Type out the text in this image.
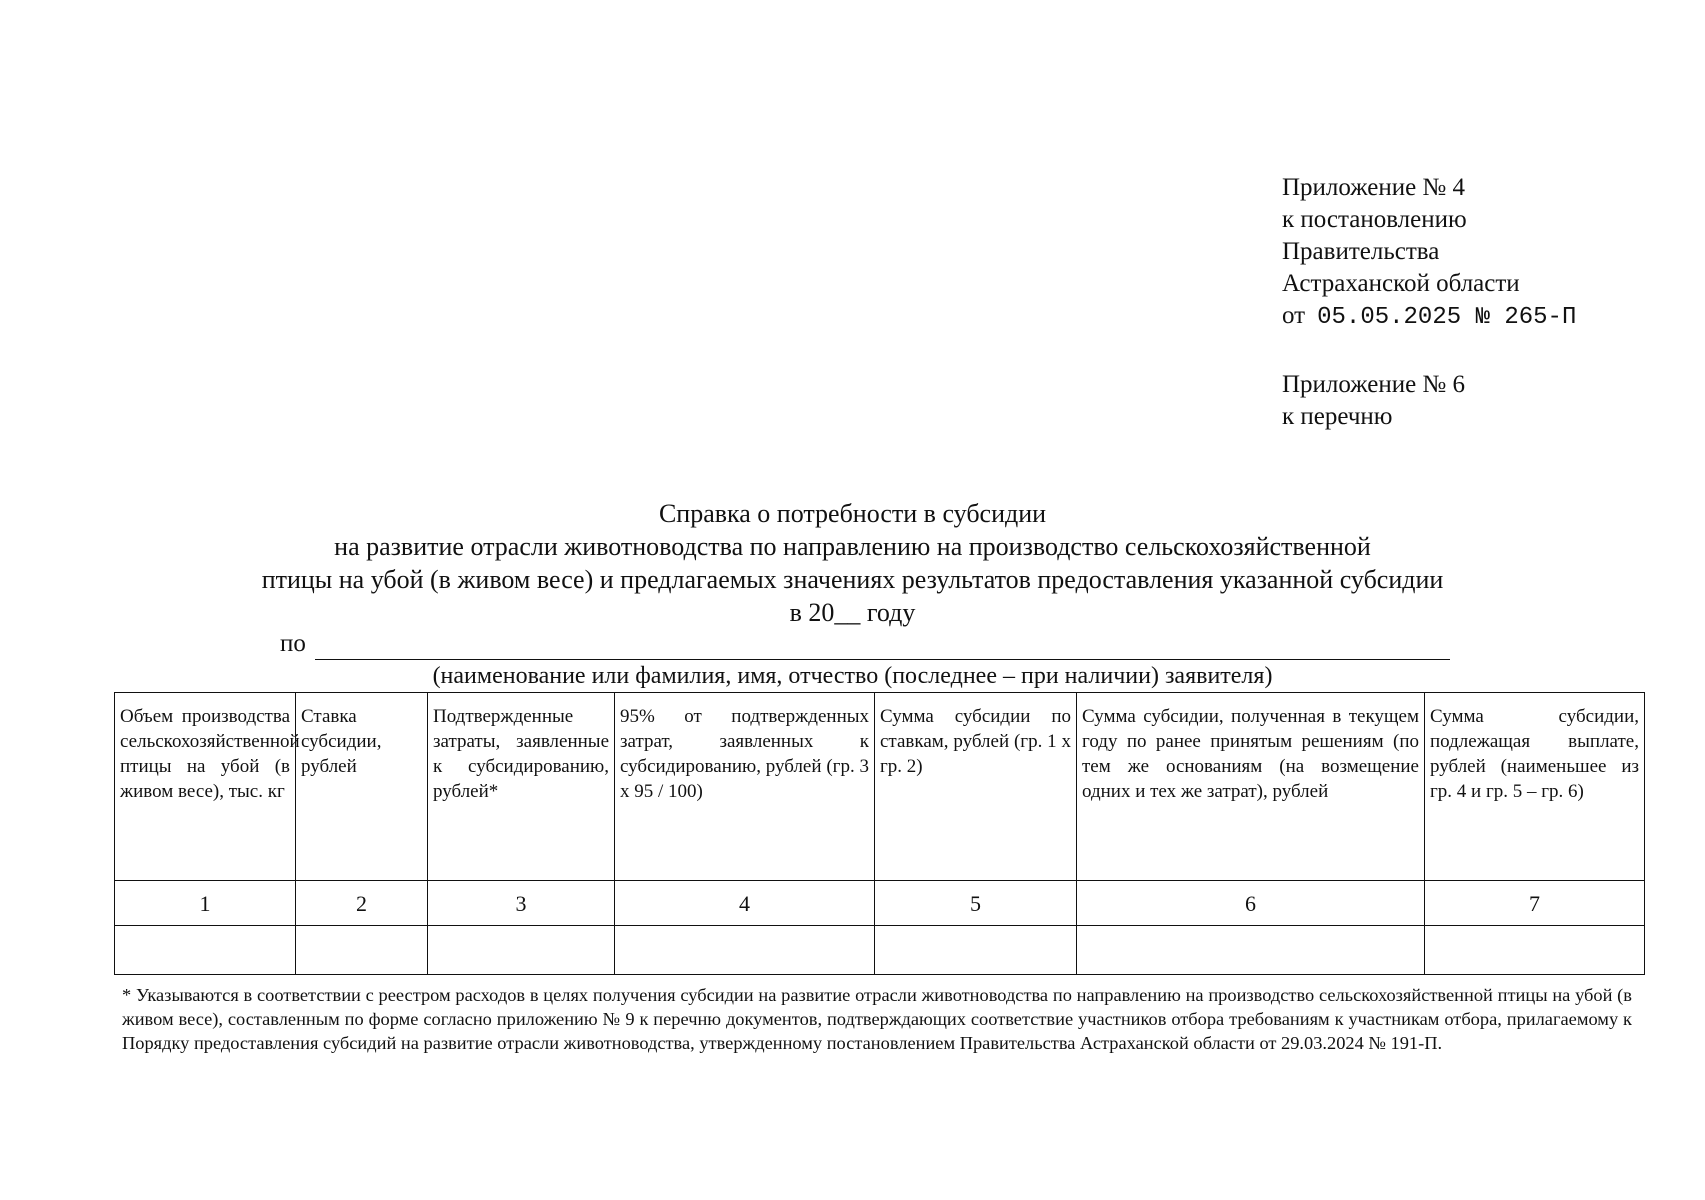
Приложение № 4
к постановлению
Правительства
Астраханской области
от 05.05.2025 № 265-П
Приложение № 6
к перечню
Справка о потребности в субсидии
на развитие отрасли животноводства по направлению на производство сельскохозяйственной
птицы на убой (в живом весе) и предлагаемых значениях результатов предоставления указанной субсидии
в 20__ году
по
(наименование или фамилия, имя, отчество (последнее – при наличии) заявителя)
Объем производства сельскохозяйственной птицы на убой (в живом весе), тыс. кг	Ставка субсидии, рублей	Подтвержденные затраты, заявленные к субсидированию, рублей*	95% от подтвержденных затрат, заявленных к субсидированию, рублей (гр. 3 х 95 / 100)	Сумма субсидии по ставкам, рублей (гр. 1 х гр. 2)	Сумма субсидии, полученная в текущем году по ранее принятым решениям (по тем же основаниям (на возмещение одних и тех же затрат), рублей	Сумма субсидии, подлежащая выплате, рублей (наименьшее из гр. 4 и гр. 5 – гр. 6)
1	2	3	4	5	6	7

* Указываются в соответствии с реестром расходов в целях получения субсидии на развитие отрасли животноводства по направлению на производство сельскохозяйственной птицы на убой (в живом весе), составленным по форме согласно приложению № 9 к перечню документов, подтверждающих соответствие участников отбора требованиям к участникам отбора, прилагаемому к Порядку предоставления субсидий на развитие отрасли животноводства, утвержденному постановлением Правительства Астраханской области от 29.03.2024 № 191-П.
